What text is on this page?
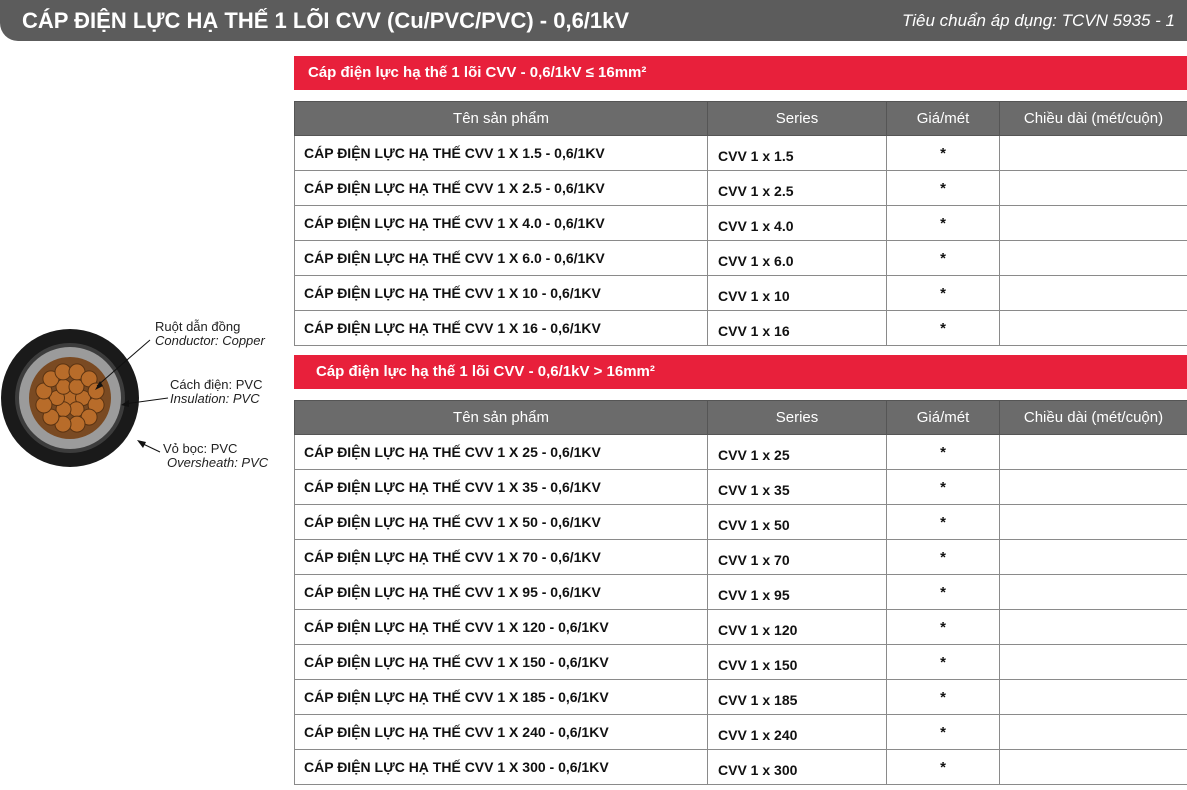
CÁP ĐIỆN LỰC HẠ THẾ 1 LÕI CVV (Cu/PVC/PVC) - 0,6/1kV	Tiêu chuẩn áp dụng: TCVN 5935 - 1
Ruột dẫn đồng
Conductor: Copper
Cách điện: PVC
Insulation: PVC
Vỏ bọc: PVC
Oversheath: PVC
Cáp điện lực hạ thế 1 lõi CVV - 0,6/1kV ≤ 16mm²
Tên sản phẩm	Series	Giá/mét	Chiều dài (mét/cuộn)
CÁP ĐIỆN LỰC HẠ THẾ CVV 1 X 1.5 - 0,6/1KV	CVV 1 x 1.5	*	
CÁP ĐIỆN LỰC HẠ THẾ CVV 1 X 2.5 - 0,6/1KV	CVV 1 x 2.5	*	
CÁP ĐIỆN LỰC HẠ THẾ CVV 1 X 4.0 - 0,6/1KV	CVV 1 x 4.0	*	
CÁP ĐIỆN LỰC HẠ THẾ CVV 1 X 6.0 - 0,6/1KV	CVV 1 x 6.0	*	
CÁP ĐIỆN LỰC HẠ THẾ CVV 1 X 10 - 0,6/1KV	CVV 1 x 10	*	
CÁP ĐIỆN LỰC HẠ THẾ CVV 1 X 16 - 0,6/1KV	CVV 1 x 16	*	
Cáp điện lực hạ thế 1 lõi CVV - 0,6/1kV > 16mm²
Tên sản phẩm	Series	Giá/mét	Chiều dài (mét/cuộn)
CÁP ĐIỆN LỰC HẠ THẾ CVV 1 X 25 - 0,6/1KV	CVV 1 x 25	*	
CÁP ĐIỆN LỰC HẠ THẾ CVV 1 X 35 - 0,6/1KV	CVV 1 x 35	*	
CÁP ĐIỆN LỰC HẠ THẾ CVV 1 X 50 - 0,6/1KV	CVV 1 x 50	*	
CÁP ĐIỆN LỰC HẠ THẾ CVV 1 X 70 - 0,6/1KV	CVV 1 x 70	*	
CÁP ĐIỆN LỰC HẠ THẾ CVV 1 X 95 - 0,6/1KV	CVV 1 x 95	*	
CÁP ĐIỆN LỰC HẠ THẾ CVV 1 X 120 - 0,6/1KV	CVV 1 x 120	*	
CÁP ĐIỆN LỰC HẠ THẾ CVV 1 X 150 - 0,6/1KV	CVV 1 x 150	*	
CÁP ĐIỆN LỰC HẠ THẾ CVV 1 X 185 - 0,6/1KV	CVV 1 x 185	*	
CÁP ĐIỆN LỰC HẠ THẾ CVV 1 X 240 - 0,6/1KV	CVV 1 x 240	*	
CÁP ĐIỆN LỰC HẠ THẾ CVV 1 X 300 - 0,6/1KV	CVV 1 x 300	*	
